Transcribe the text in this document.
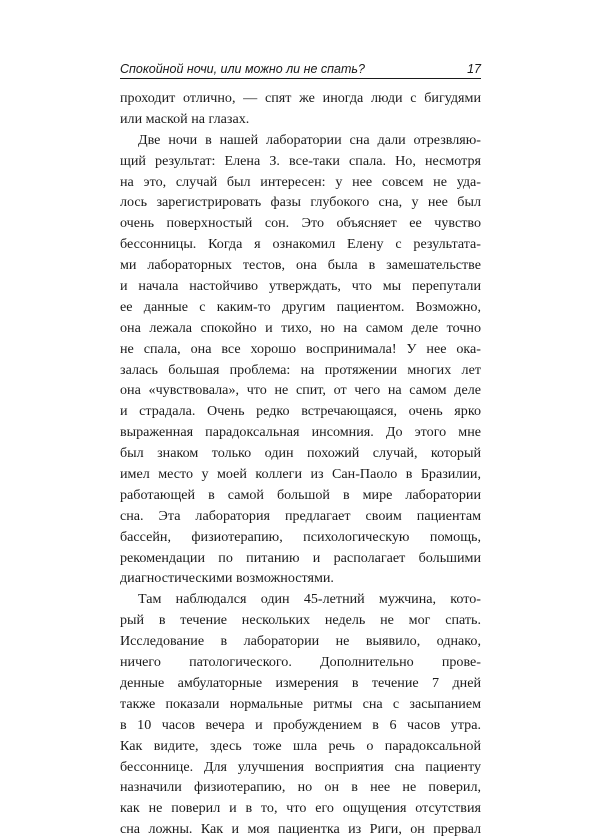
Спокойной ночи, или можно ли не спать?	17
проходит отлично, — спят же иногда люди с бигудями
или маской на глазах.
Две ночи в нашей лаборатории сна дали отрезвляю-
щий результат: Елена З. все-таки спала. Но, несмотря
на это, случай был интересен: у нее совсем не уда-
лось зарегистрировать фазы глубокого сна, у нее был
очень поверхностый сон. Это объясняет ее чувство
бессонницы. Когда я ознакомил Елену с результата-
ми лабораторных тестов, она была в замешательстве
и начала настойчиво утверждать, что мы перепутали
ее данные с каким-то другим пациентом. Возможно,
она лежала спокойно и тихо, но на самом деле точно
не спала, она все хорошо воспринимала! У нее ока-
залась большая проблема: на протяжении многих лет
она «чувствовала», что не спит, от чего на самом деле
и страдала. Очень редко встречающаяся, очень ярко
выраженная парадоксальная инсомния. До этого мне
был знаком только один похожий случай, который
имел место у моей коллеги из Сан-Паоло в Бразилии,
работающей в самой большой в мире лаборатории
сна. Эта лаборатория предлагает своим пациентам
бассейн, физиотерапию, психологическую помощь,
рекомендации по питанию и располагает большими
диагностическими возможностями.
Там наблюдался один 45-летний мужчина, кото-
рый в течение нескольких недель не мог спать.
Исследование в лаборатории не выявило, однако,
ничего патологического. Дополнительно прове-
денные амбулаторные измерения в течение 7 дней
также показали нормальные ритмы сна с засыпанием
в 10 часов вечера и пробуждением в 6 часов утра.
Как видите, здесь тоже шла речь о парадоксальной
бессоннице. Для улучшения восприятия сна пациенту
назначили физиотерапию, но он в нее не поверил,
как не поверил и в то, что его ощущения отсутствия
сна ложны. Как и моя пациентка из Риги, он прервал
